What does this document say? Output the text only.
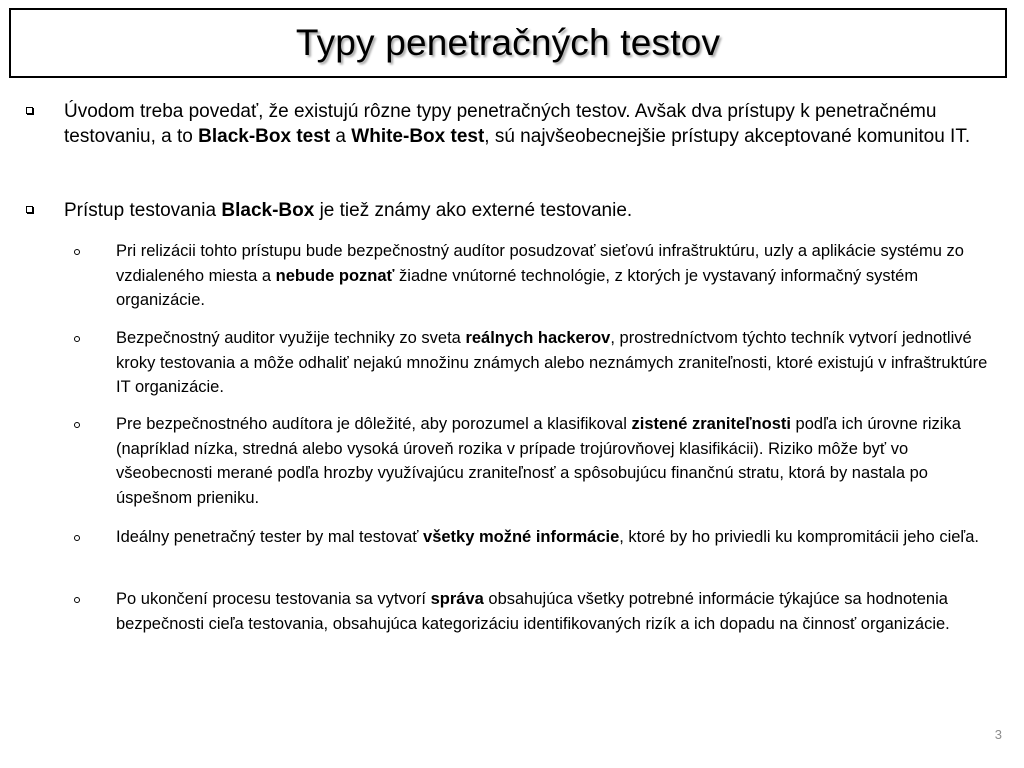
Typy penetračných testov
Úvodom treba povedať, že existujú rôzne typy penetračných testov. Avšak dva prístupy k penetračnému testovaniu, a to Black-Box test a White-Box test, sú najvšeobecnejšie prístupy akceptované komunitou IT.
Prístup testovania Black-Box je tiež známy ako externé testovanie.
Pri relizácii tohto prístupu bude bezpečnostný audítor posudzovať sieťovú infraštruktúru, uzly a aplikácie systému zo vzdialeného miesta a nebude poznať žiadne vnútorné technológie, z ktorých je vystavaný informačný systém organizácie.
Bezpečnostný auditor využije techniky zo sveta reálnych hackerov, prostredníctvom týchto techník vytvorí jednotlivé kroky testovania a môže odhaliť nejakú množinu známych alebo neznámych zraniteľnosti, ktoré existujú v infraštruktúre IT organizácie.
Pre bezpečnostného audítora je dôležité, aby porozumel a klasifikoval zistené zraniteľnosti podľa ich úrovne rizika (napríklad nízka, stredná alebo vysoká úroveň rozika v prípade trojúrovňovej klasifikácii). Riziko môže byť vo všeobecnosti merané podľa hrozby využívajúcu zraniteľnosť a spôsobujúcu finančnú stratu, ktorá by nastala po úspešnom prieniku.
Ideálny penetračný tester by mal testovať všetky možné informácie, ktoré by ho priviedli ku kompromitácii jeho cieľa.
Po ukončení procesu testovania sa vytvorí správa obsahujúca všetky potrebné informácie týkajúce sa hodnotenia bezpečnosti cieľa testovania, obsahujúca kategorizáciu identifikovaných rizík a ich dopadu na činnosť organizácie.
3
